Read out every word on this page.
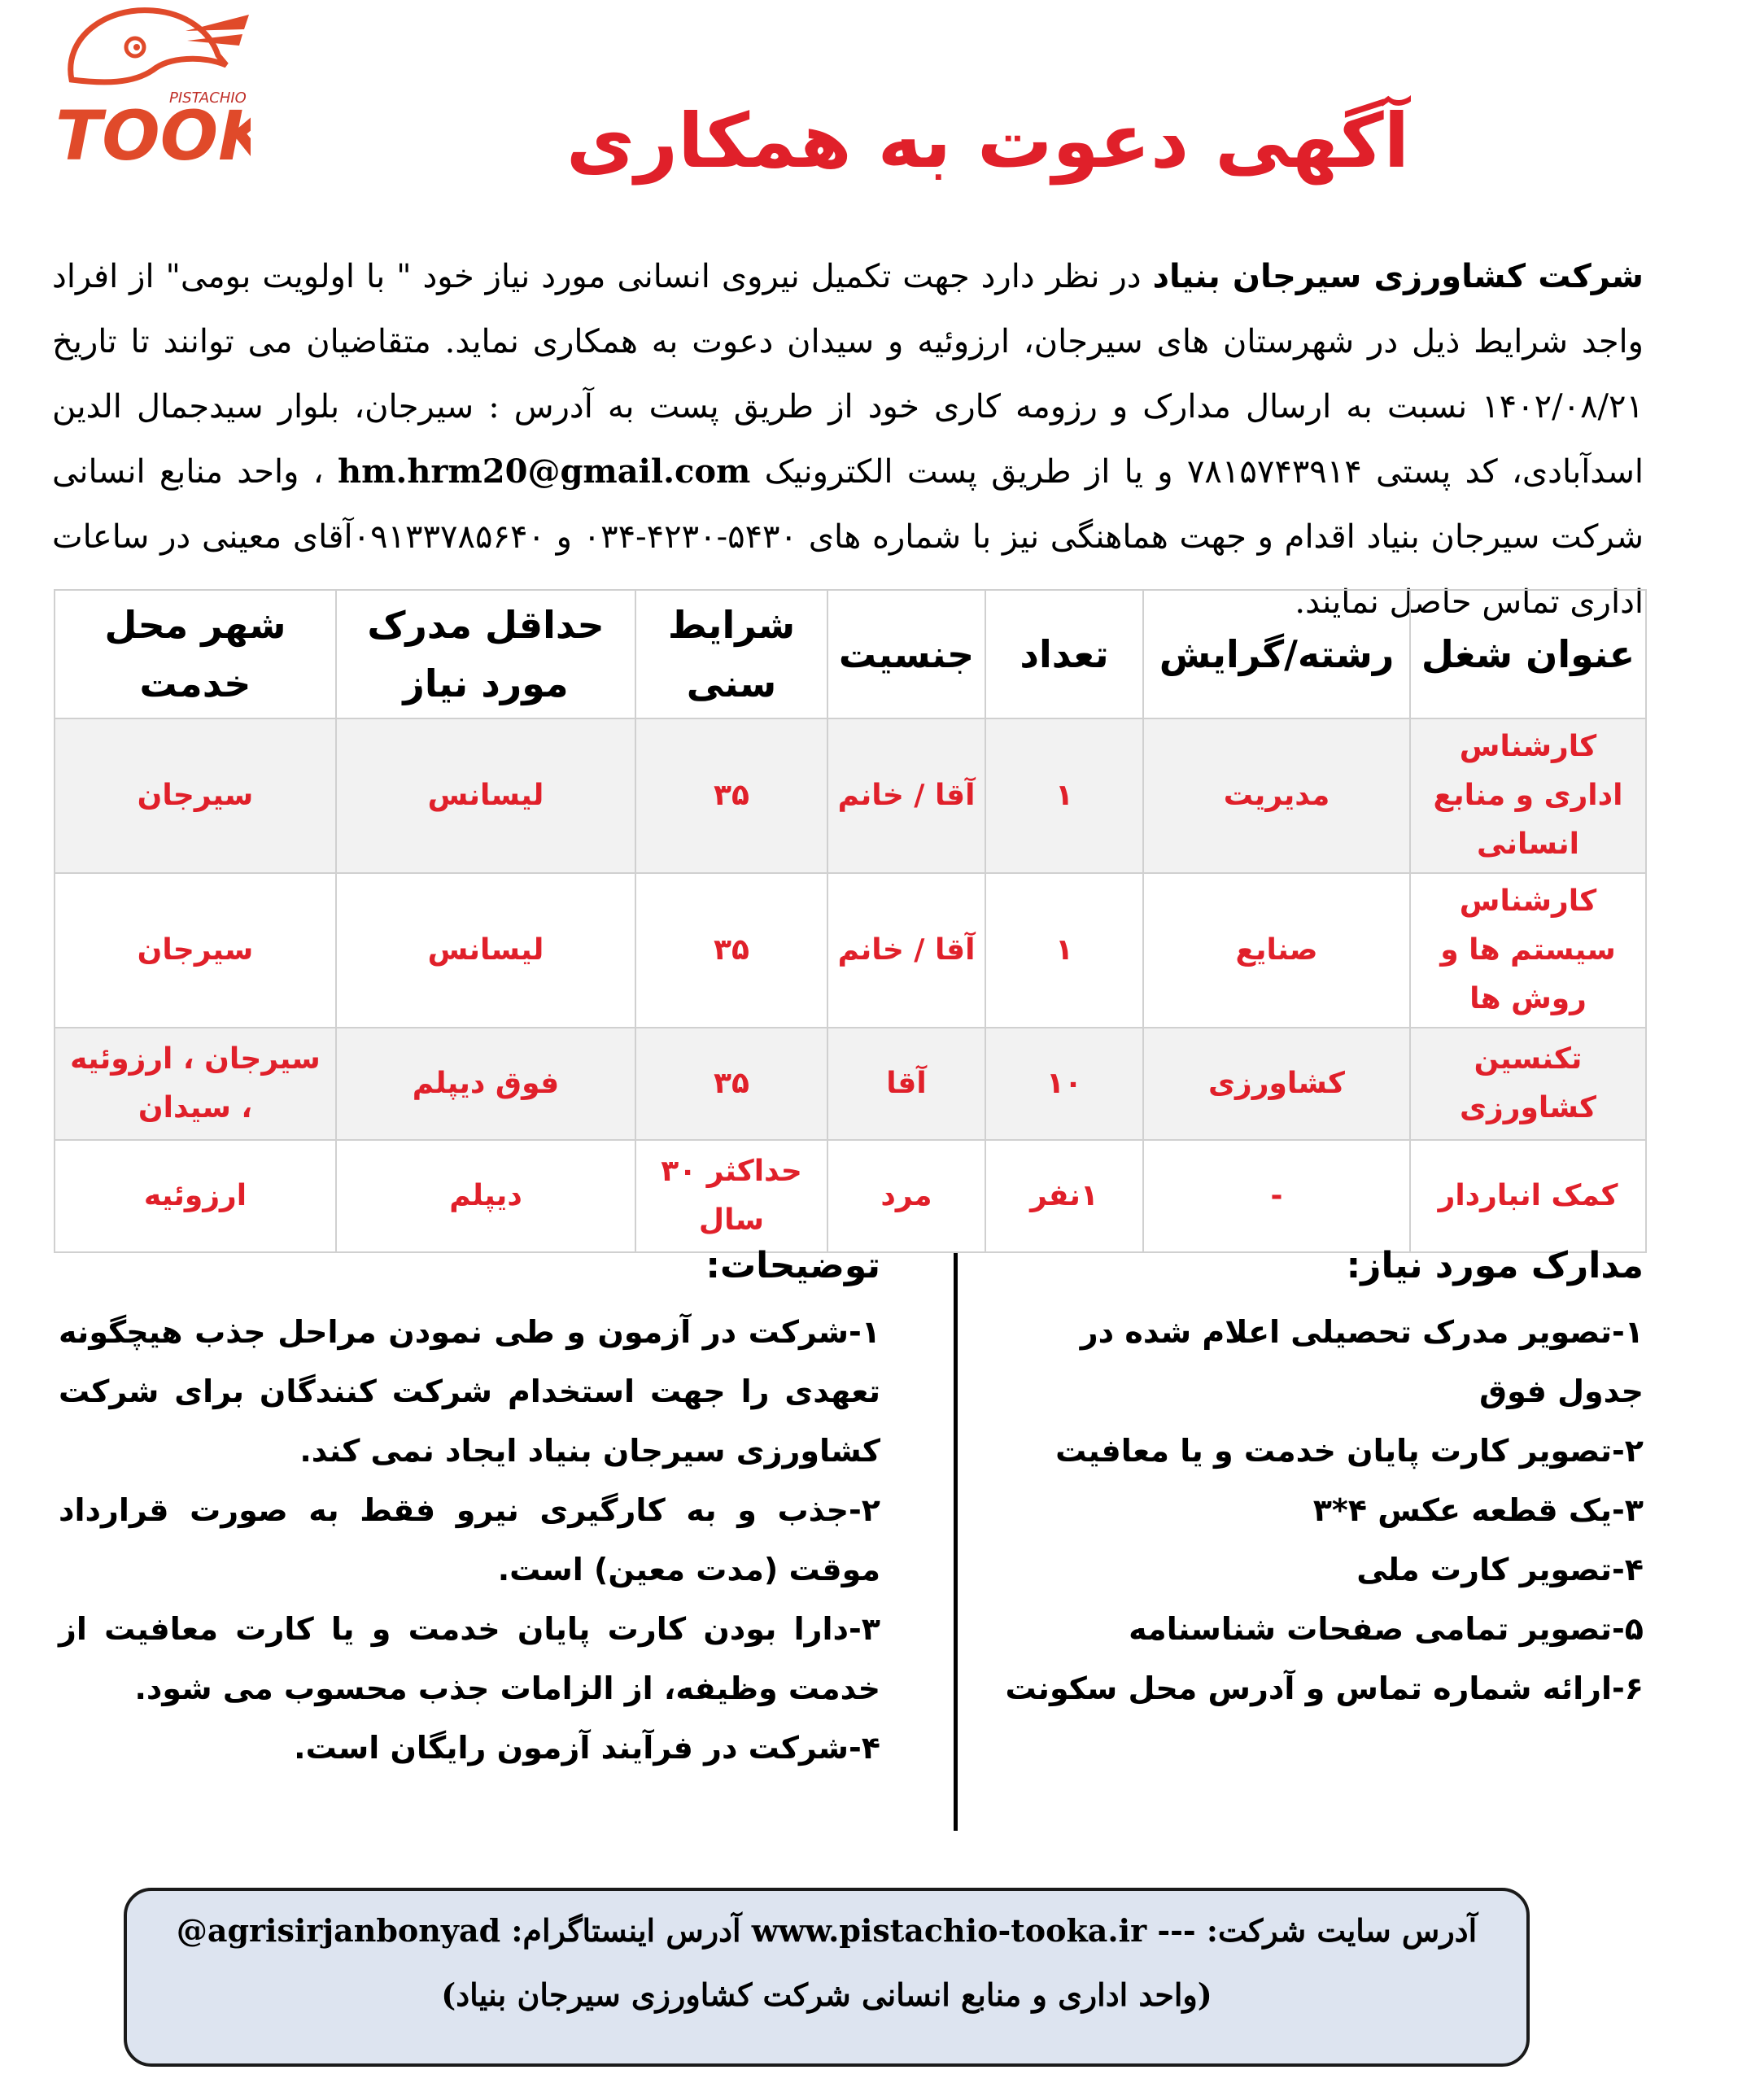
PISTACHIO
TOO	آگهی دعوت به همکاری
شرکت کشاورزی سیرجان بنیاد در نظر دارد جهت تکمیل نیروی انسانی مورد نیاز خود " با اولویت بومی" از افراد واجد شرایط ذیل در شهرستان های سیرجان، ارزوئیه و سیدان دعوت به همکاری نماید. متقاضیان می توانند تا تاریخ ۱۴۰۲/۰۸/۲۱ نسبت به ارسال مدارک و رزومه کاری خود از طریق پست به آدرس : سیرجان، بلوار سیدجمال الدین اسدآبادی، کد پستی ۷۸۱۵۷۴۳۹۱۴ و یا از طریق پست الکترونیک hm.hrm20@gmail.com ، واحد منابع انسانی شرکت سیرجان بنیاد اقدام و جهت هماهنگی نیز با شماره های ۵۴۳۰-۴۲۳۰-۰۳۴ و ۰۹۱۳۳۷۸۵۶۴۰آقای معینی در ساعات اداری تماس حاصل نمایند.
عنوان شغل	رشته/گرایش	تعداد	جنسیت	شرایط سنی	حداقل مدرک مورد نیاز	شهر محل خدمت
کارشناس اداری و منابع انسانی	مدیریت	۱	آقا / خانم	۳۵	لیسانس	سیرجان
کارشناس سیستم ها و روش ها	صنایع	۱	آقا / خانم	۳۵	لیسانس	سیرجان
تکنسین کشاورزی	کشاورزی	۱۰	آقا	۳۵	فوق دیپلم	سیرجان ، ارزوئیه ، سیدان
کمک انباردار	-	۱نفر	مرد	حداکثر ۳۰ سال	دیپلم	ارزوئیه
مدارک مورد نیاز:
۱-تصویر مدرک تحصیلی اعلام شده در جدول فوق
۲-تصویر کارت پایان خدمت و یا معافیت
۳-یک قطعه عکس ۴*۳
۴-تصویر کارت ملی
۵-تصویر تمامی صفحات شناسنامه
۶-ارائه شماره تماس و آدرس محل سکونت
توضیحات:
۱-شرکت در آزمون و طی نمودن مراحل جذب هیچگونه تعهدی را جهت استخدام شرکت کنندگان برای شرکت کشاورزی سیرجان بنیاد ایجاد نمی کند.
۲-جذب و به کارگیری نیرو فقط به صورت قرارداد موقت (مدت معین) است.
۳-دارا بودن کارت پایان خدمت و یا کارت معافیت از خدمت وظیفه، از الزامات جذب محسوب می شود.
۴-شرکت در فرآیند آزمون رایگان است.
آدرس سایت شرکت: www.pistachio-tooka.ir --- آدرس اینستاگرام: @agrisirjanbonyad
(واحد اداری و منابع انسانی شرکت کشاورزی سیرجان بنیاد)
